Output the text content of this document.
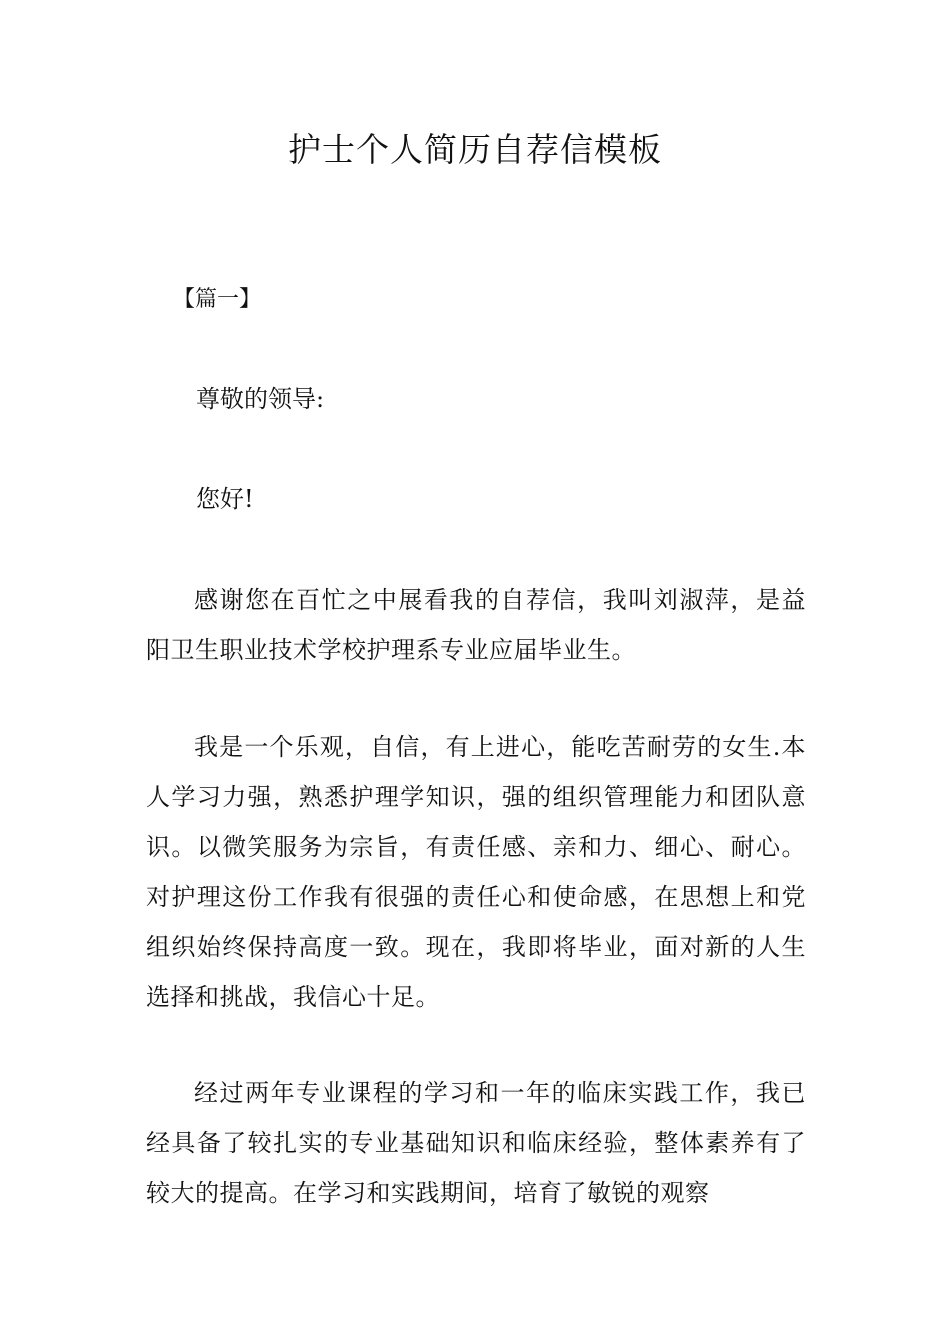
护士个人简历自荐信模板

【篇一】

尊敬的领导:

您好!

感谢您在百忙之中展看我的自荐信，我叫刘淑萍，是益阳卫生职业技术学校护理系专业应届毕业生。

我是一个乐观，自信，有上进心，能吃苦耐劳的女生.本人学习力强，熟悉护理学知识，强的组织管理能力和团队意识。以微笑服务为宗旨，有责任感、亲和力、细心、耐心。对护理这份工作我有很强的责任心和使命感，在思想上和党组织始终保持高度一致。现在，我即将毕业，面对新的人生选择和挑战，我信心十足。

经过两年专业课程的学习和一年的临床实践工作，我已经具备了较扎实的专业基础知识和临床经验，整体素养有了较大的提高。在学习和实践期间，培育了敏锐的观察
